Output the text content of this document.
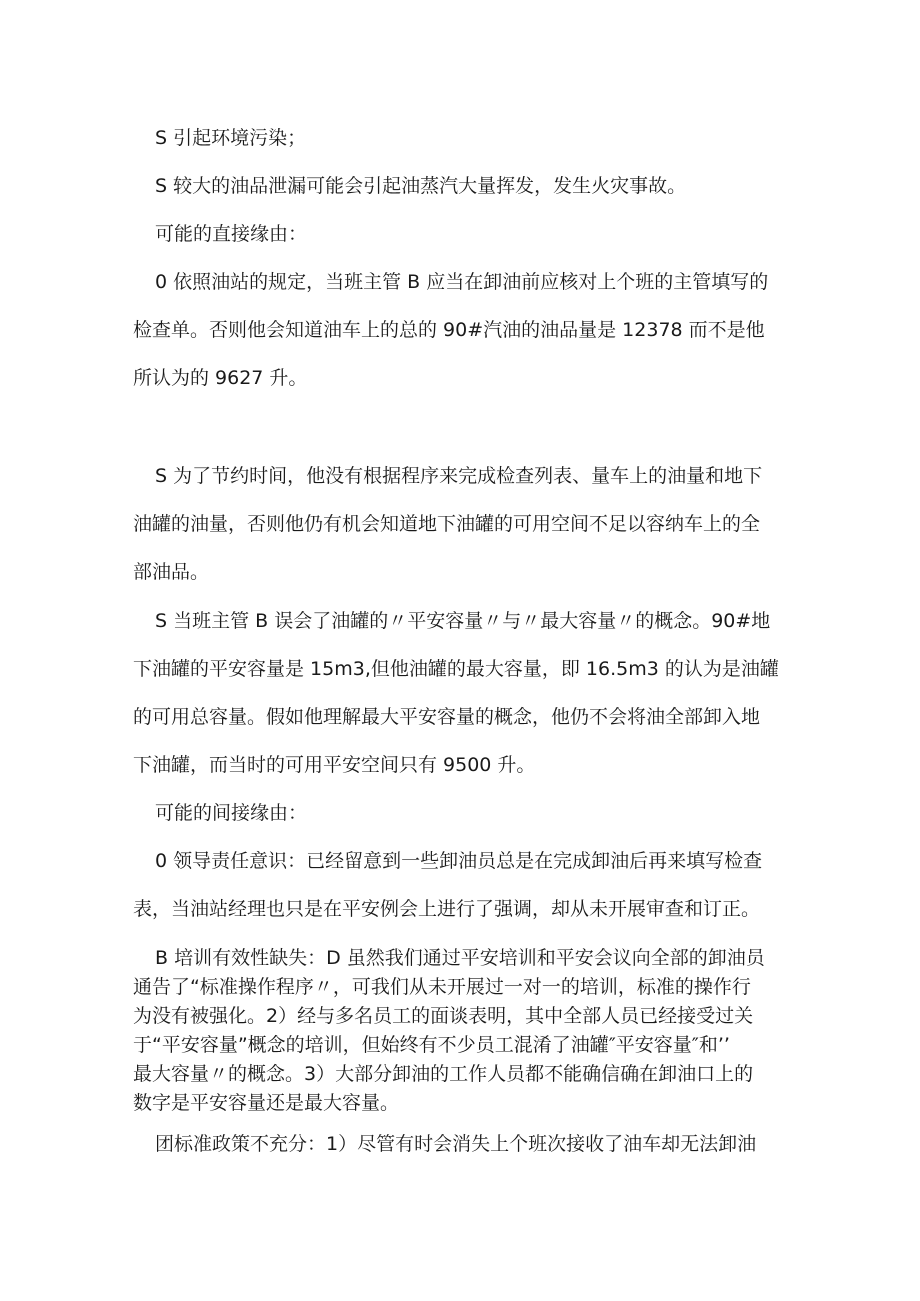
S 引起环境污染；

S 较大的油品泄漏可能会引起油蒸汽大量挥发，发生火灾事故。

可能的直接缘由：

0 依照油站的规定，当班主管 B 应当在卸油前应核对上个班的主管填写的
检查单。否则他会知道油车上的总的 90#汽油的油品量是 12378 而不是他
所认为的 9627 升。

S 为了节约时间，他没有根据程序来完成检查列表、量车上的油量和地下
油罐的油量，否则他仍有机会知道地下油罐的可用空间不足以容纳车上的全
部油品。

S 当班主管 B 误会了油罐的〃平安容量〃与〃最大容量〃的概念。90#地
下油罐的平安容量是 15m3,但他油罐的最大容量，即 16.5m3 的认为是油罐
的可用总容量。假如他理解最大平安容量的概念，他仍不会将油全部卸入地
下油罐，而当时的可用平安空间只有 9500 升。

可能的间接缘由：

0 领导责任意识：已经留意到一些卸油员总是在完成卸油后再来填写检查
表，当油站经理也只是在平安例会上进行了强调，却从未开展审查和订正。

B 培训有效性缺失：D 虽然我们通过平安培训和平安会议向全部的卸油员
通告了“标准操作程序〃，可我们从未开展过一对一的培训，标准的操作行
为没有被强化。2）经与多名员工的面谈表明，其中全部人员已经接受过关
于“平安容量”概念的培训，但始终有不少员工混淆了油罐″平安容量″和’’
最大容量〃的概念。3）大部分卸油的工作人员都不能确信确在卸油口上的
数字是平安容量还是最大容量。

团标准政策不充分：1）尽管有时会消失上个班次接收了油车却无法卸油
